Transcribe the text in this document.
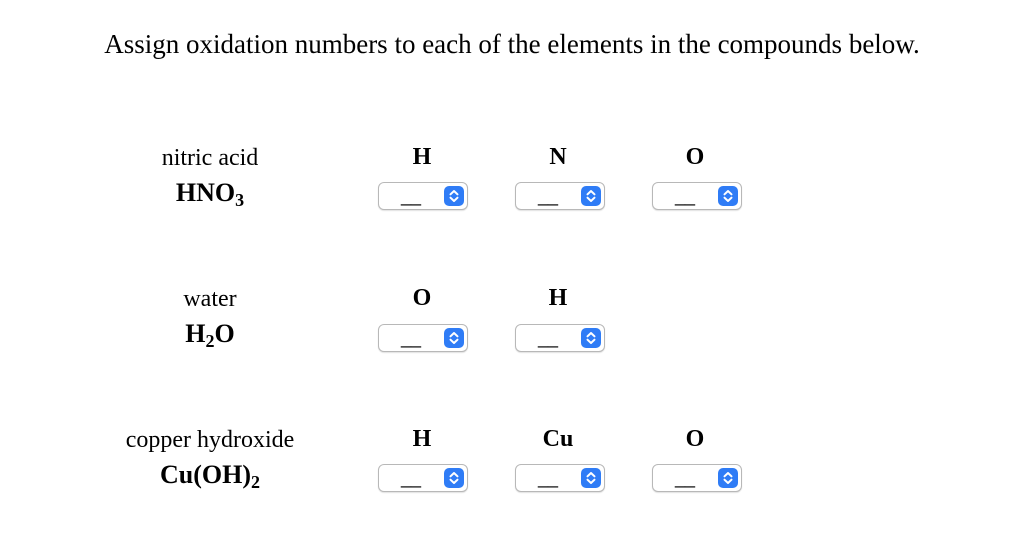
Assign oxidation numbers to each of the elements in the compounds below.
nitric acid
$HNO_3$
H	N	O
__	__	__
water
$H_2O$
O	H
__	__
copper hydroxide
$Cu(OH)_2$
H	Cu	O
__	__	__
